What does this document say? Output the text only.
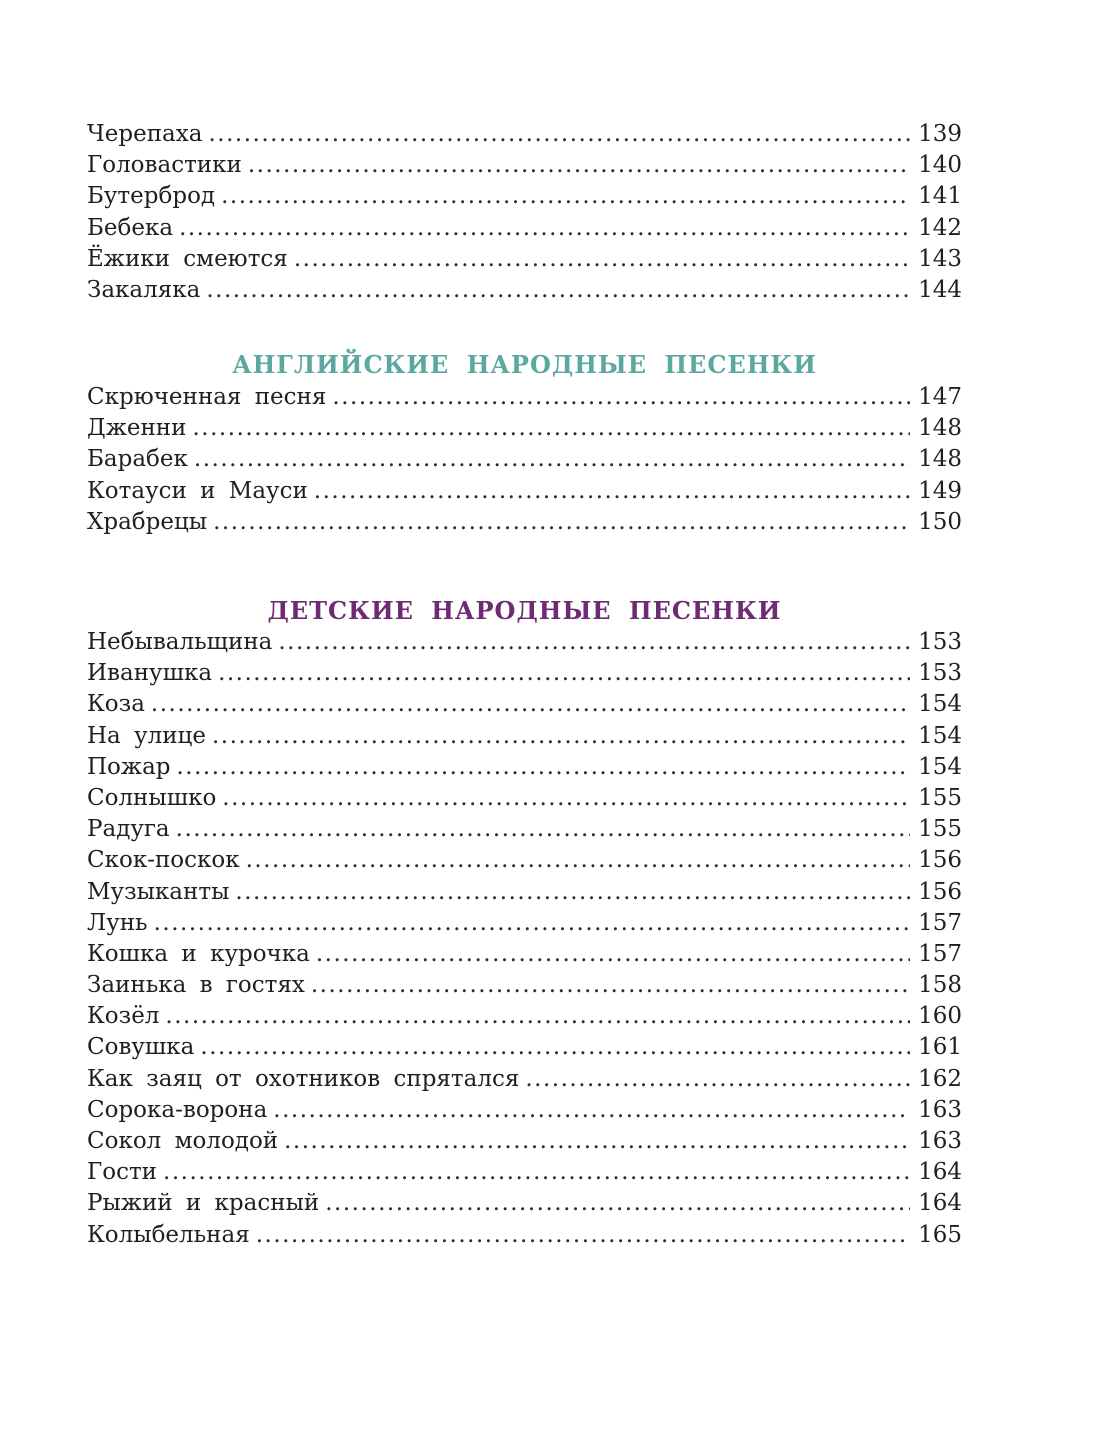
Черепаха .....	139
Головастики .....	140
Бутерброд .....	141
Бебека .....	142
Ёжики смеются .....	143
Закаляка .....	144
АНГЛИЙСКИЕ НАРОДНЫЕ ПЕСЕНКИ
Скрюченная песня .....	147
Дженни .....	148
Барабек .....	148
Котауси и Мауси .....	149
Храбрецы .....	150
ДЕТСКИЕ НАРОДНЫЕ ПЕСЕНКИ
Небывальщина .....	153
Иванушка .....	153
Коза .....	154
На улице .....	154
Пожар .....	154
Солнышко .....	155
Радуга .....	155
Скок-поскок .....	156
Музыканты .....	156
Лунь .....	157
Кошка и курочка .....	157
Заинька в гостях .....	158
Козёл .....	160
Совушка .....	161
Как заяц от охотников спрятался .....	162
Сорока-ворона .....	163
Сокол молодой .....	163
Гости .....	164
Рыжий и красный .....	164
Колыбельная .....	165
